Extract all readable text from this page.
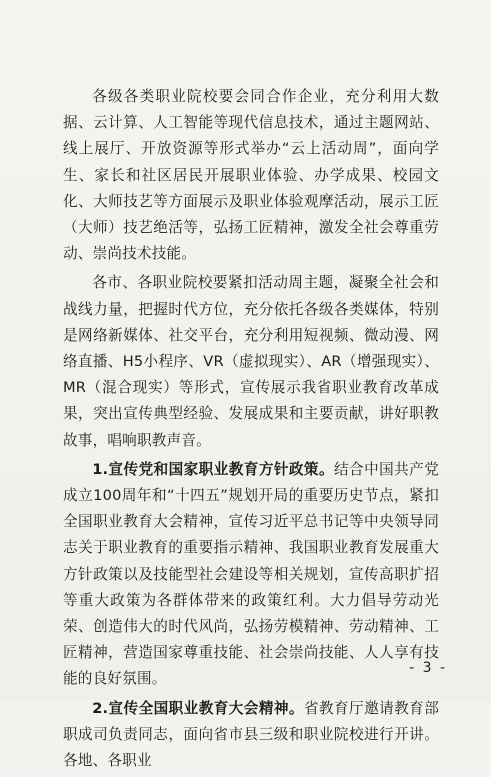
各级各类职业院校要会同合作企业，充分利用大数据、云计算、人工智能等现代信息技术，通过主题网站、线上展厅、开放资源等形式举办“云上活动周”，面向学生、家长和社区居民开展职业体验、办学成果、校园文化、大师技艺等方面展示及职业体验观摩活动，展示工匠（大师）技艺绝活等，弘扬工匠精神，激发全社会尊重劳动、崇尚技术技能。

各市、各职业院校要紧扣活动周主题，凝聚全社会和战线力量，把握时代方位，充分依托各级各类媒体，特别是网络新媒体、社交平台，充分利用短视频、微动漫、网络直播、H5小程序、VR（虚拟现实）、AR（增强现实）、MR（混合现实）等形式，宣传展示我省职业教育改革成果，突出宣传典型经验、发展成果和主要贡献，讲好职教故事，唱响职教声音。

1.宣传党和国家职业教育方针政策。结合中国共产党成立100周年和“十四五”规划开局的重要历史节点，紧扣全国职业教育大会精神，宣传习近平总书记等中央领导同志关于职业教育的重要指示精神、我国职业教育发展重大方针政策以及技能型社会建设等相关规划，宣传高职扩招等重大政策为各群体带来的政策红利。大力倡导劳动光荣、创造伟大的时代风尚，弘扬劳模精神、劳动精神、工匠精神，营造国家尊重技能、社会崇尚技能、人人享有技能的良好氛围。

2.宣传全国职业教育大会精神。省教育厅邀请教育部职成司负责同志，面向省市县三级和职业院校进行开讲。各地、各职业

- 3 -
